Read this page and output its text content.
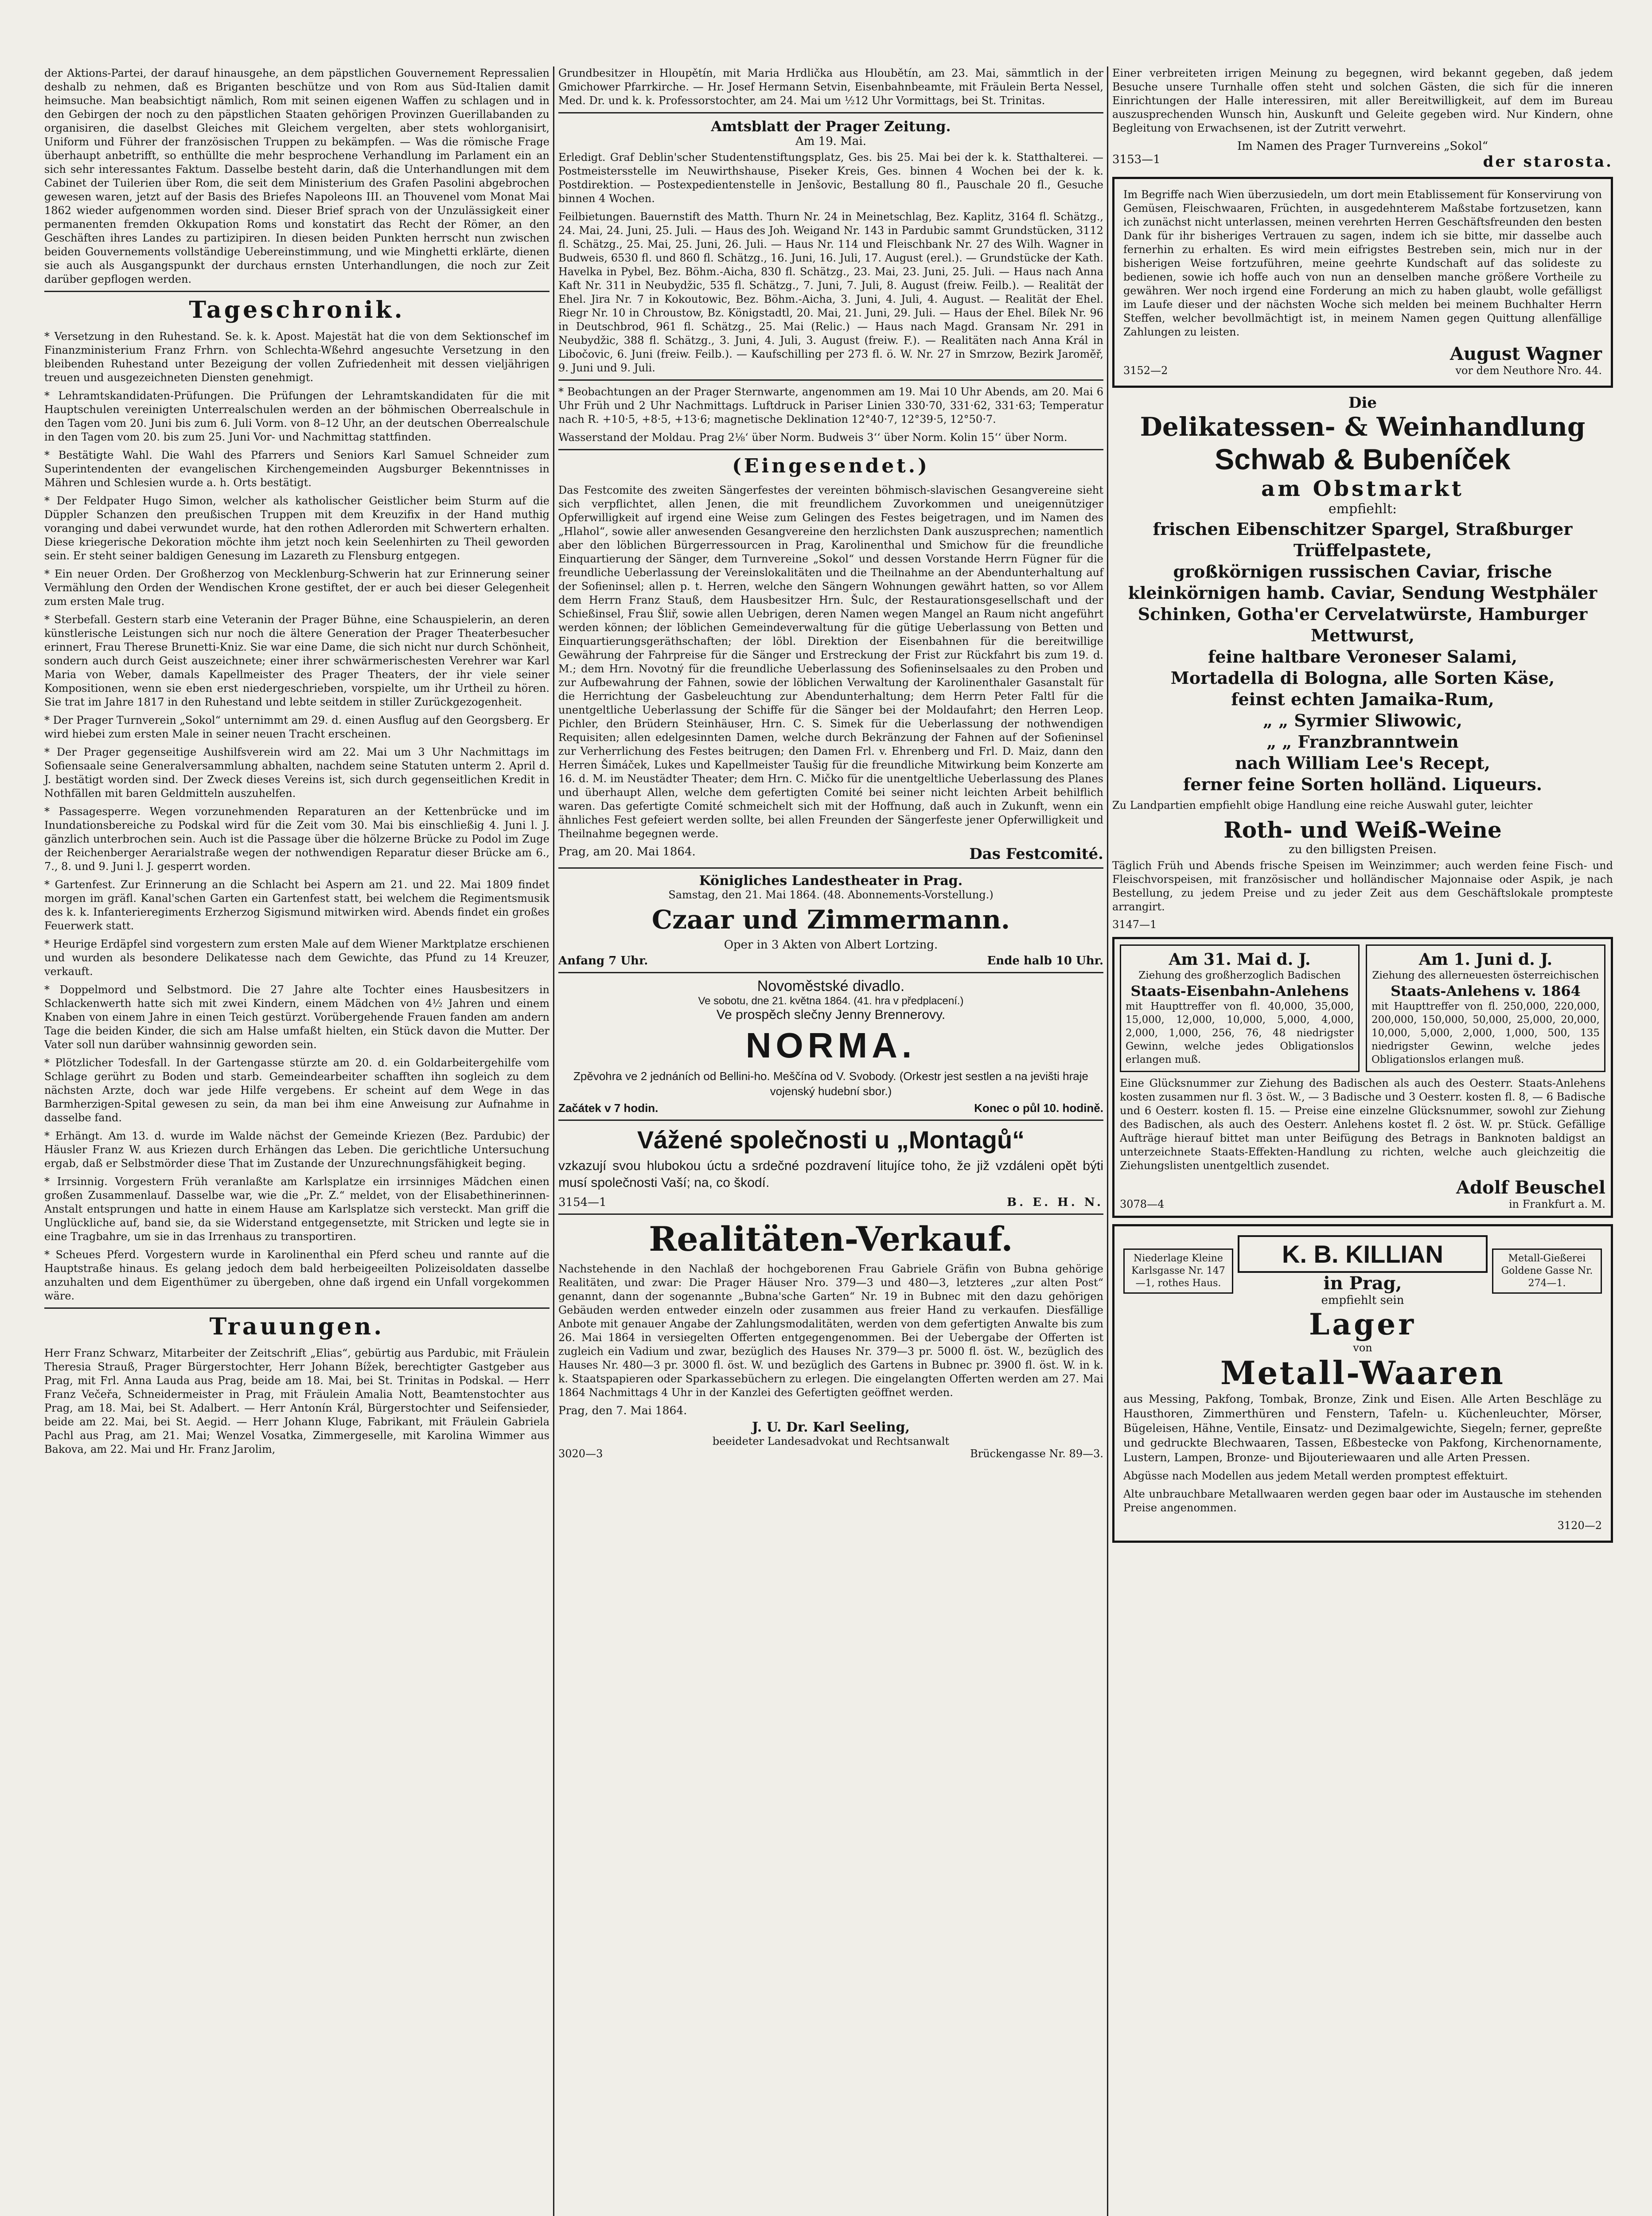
der Aktions-Partei, der darauf hinausgehe, an dem päpstlichen Gouvernement Repressalien deshalb zu nehmen, daß es Briganten beschütze und von Rom aus Süd-Italien damit heimsuche. Man beabsichtigt nämlich, Rom mit seinen eigenen Waffen zu schlagen und in den Gebirgen der noch zu den päpstlichen Staaten gehörigen Provinzen Guerillabanden zu organisiren, die daselbst Gleiches mit Gleichem vergelten, aber stets wohlorganisirt, Uniform und Führer der französischen Truppen zu bekämpfen. — Was die römische Frage überhaupt anbetrifft, so enthüllte die mehr besprochene Verhandlung im Parlament ein an sich sehr interessantes Faktum. Dasselbe besteht darin, daß die Unterhandlungen mit dem Cabinet der Tuilerien über Rom, die seit dem Ministerium des Grafen Pasolini abgebrochen gewesen waren, jetzt auf der Basis des Briefes Napoleons III. an Thouvenel vom Monat Mai 1862 wieder aufgenommen worden sind. Dieser Brief sprach von der Unzulässigkeit einer permanenten fremden Okkupation Roms und konstatirt das Recht der Römer, an den Geschäften ihres Landes zu partizipiren. In diesen beiden Punkten herrscht nun zwischen beiden Gouvernements vollständige Uebereinstimmung, und wie Minghetti erklärte, dienen sie auch als Ausgangspunkt der durchaus ernsten Unterhandlungen, die noch zur Zeit darüber gepflogen werden.

Tageschronik.

* Versetzung in den Ruhestand. Se. k. k. Apost. Majestät hat die von dem Sektionschef im Finanzministerium Franz Frhrn. von Schlechta-Wßehrd angesuchte Versetzung in den bleibenden Ruhestand unter Bezeigung der vollen Zufriedenheit mit dessen vieljährigen treuen und ausgezeichneten Diensten genehmigt.

* Lehramtskandidaten-Prüfungen. Die Prüfungen der Lehramtskandidaten für die mit Hauptschulen vereinigten Unterrealschulen werden an der böhmischen Oberrealschule in den Tagen vom 20. Juni bis zum 6. Juli Vorm. von 8–12 Uhr, an der deutschen Oberrealschule in den Tagen vom 20. bis zum 25. Juni Vor- und Nachmittag stattfinden.

* Bestätigte Wahl. Die Wahl des Pfarrers und Seniors Karl Samuel Schneider zum Superintendenten der evangelischen Kirchengemeinden Augsburger Bekenntnisses in Mähren und Schlesien wurde a. h. Orts bestätigt.

* Der Feldpater Hugo Simon, welcher als katholischer Geistlicher beim Sturm auf die Düppler Schanzen den preußischen Truppen mit dem Kreuzifix in der Hand muthig voranging und dabei verwundet wurde, hat den rothen Adlerorden mit Schwertern erhalten. Diese kriegerische Dekoration möchte ihm jetzt noch kein Seelenhirten zu Theil geworden sein. Er steht seiner baldigen Genesung im Lazareth zu Flensburg entgegen.

* Ein neuer Orden. Der Großherzog von Mecklenburg-Schwerin hat zur Erinnerung seiner Vermählung den Orden der Wendischen Krone gestiftet, der er auch bei dieser Gelegenheit zum ersten Male trug.

* Sterbefall. Gestern starb eine Veteranin der Prager Bühne, eine Schauspielerin, an deren künstlerische Leistungen sich nur noch die ältere Generation der Prager Theaterbesucher erinnert, Frau Therese Brunetti-Kniz. Sie war eine Dame, die sich nicht nur durch Schönheit, sondern auch durch Geist auszeichnete; einer ihrer schwärmerischesten Verehrer war Karl Maria von Weber, damals Kapellmeister des Prager Theaters, der ihr viele seiner Kompositionen, wenn sie eben erst niedergeschrieben, vorspielte, um ihr Urtheil zu hören. Sie trat im Jahre 1817 in den Ruhestand und lebte seitdem in stiller Zurückgezogenheit.

* Der Prager Turnverein „Sokol“ unternimmt am 29. d. einen Ausflug auf den Georgsberg. Er wird hiebei zum ersten Male in seiner neuen Tracht erscheinen.

* Der Prager gegenseitige Aushilfsverein wird am 22. Mai um 3 Uhr Nachmittags im Sofiensaale seine Generalversammlung abhalten, nachdem seine Statuten unterm 2. April d. J. bestätigt worden sind. Der Zweck dieses Vereins ist, sich durch gegenseitlichen Kredit in Nothfällen mit baren Geldmitteln auszuhelfen.

* Passagesperre. Wegen vorzunehmenden Reparaturen an der Kettenbrücke und im Inundationsbereiche zu Podskal wird für die Zeit vom 30. Mai bis einschließig 4. Juni l. J. gänzlich unterbrochen sein. Auch ist die Passage über die hölzerne Brücke zu Podol im Zuge der Reichenberger Aerarialstraße wegen der nothwendigen Reparatur dieser Brücke am 6., 7., 8. und 9. Juni l. J. gesperrt worden.

* Gartenfest. Zur Erinnerung an die Schlacht bei Aspern am 21. und 22. Mai 1809 findet morgen im gräfl. Kanal'schen Garten ein Gartenfest statt, bei welchem die Regimentsmusik des k. k. Infanterieregiments Erzherzog Sigismund mitwirken wird. Abends findet ein großes Feuerwerk statt.

* Heurige Erdäpfel sind vorgestern zum ersten Male auf dem Wiener Marktplatze erschienen und wurden als besondere Delikatesse nach dem Gewichte, das Pfund zu 14 Kreuzer, verkauft.

* Doppelmord und Selbstmord. Die 27 Jahre alte Tochter eines Hausbesitzers in Schlackenwerth hatte sich mit zwei Kindern, einem Mädchen von 4½ Jahren und einem Knaben von einem Jahre in einen Teich gestürzt. Vorübergehende Frauen fanden am andern Tage die beiden Kinder, die sich am Halse umfaßt hielten, ein Stück davon die Mutter. Der Vater soll nun darüber wahnsinnig geworden sein.

* Plötzlicher Todesfall. In der Gartengasse stürzte am 20. d. ein Goldarbeitergehilfe vom Schlage gerührt zu Boden und starb. Gemeindearbeiter schafften ihn sogleich zu dem nächsten Arzte, doch war jede Hilfe vergebens. Er scheint auf dem Wege in das Barmherzigen-Spital gewesen zu sein, da man bei ihm eine Anweisung zur Aufnahme in dasselbe fand.

* Erhängt. Am 13. d. wurde im Walde nächst der Gemeinde Kriezen (Bez. Pardubic) der Häusler Franz W. aus Kriezen durch Erhängen das Leben. Die gerichtliche Untersuchung ergab, daß er Selbstmörder diese That im Zustande der Unzurechnungsfähigkeit beging.

* Irrsinnig. Vorgestern Früh veranlaßte am Karlsplatze ein irrsinniges Mädchen einen großen Zusammenlauf. Dasselbe war, wie die „Pr. Z.“ meldet, von der Elisabethinerinnen-Anstalt entsprungen und hatte in einem Hause am Karlsplatze sich versteckt. Man griff die Unglückliche auf, band sie, da sie Widerstand entgegensetzte, mit Stricken und legte sie in eine Tragbahre, um sie in das Irrenhaus zu transportiren.

* Scheues Pferd. Vorgestern wurde in Karolinenthal ein Pferd scheu und rannte auf die Hauptstraße hinaus. Es gelang jedoch dem bald herbeigeeilten Polizeisoldaten dasselbe anzuhalten und dem Eigenthümer zu übergeben, ohne daß irgend ein Unfall vorgekommen wäre.

Trauungen.

Herr Franz Schwarz, Mitarbeiter der Zeitschrift „Elias“, gebürtig aus Pardubic, mit Fräulein Theresia Strauß, Prager Bürgerstochter, Herr Johann Bížek, berechtigter Gastgeber aus Prag, mit Frl. Anna Lauda aus Prag, beide am 18. Mai, bei St. Trinitas in Podskal. — Herr Franz Večeřa, Schneidermeister in Prag, mit Fräulein Amalia Nott, Beamtenstochter aus Prag, am 18. Mai, bei St. Adalbert. — Herr Antonín Král, Bürgerstochter und Seifensieder, beide am 22. Mai, bei St. Aegid. — Herr Johann Kluge, Fabrikant, mit Fräulein Gabriela Pachl aus Prag, am 21. Mai; Wenzel Vosatka, Zimmergeselle, mit Karolina Wimmer aus Bakova, am 22. Mai und Hr. Franz Jarolim,

Grundbesitzer in Hloupětín, mit Maria Hrdlička aus Hloubětín, am 23. Mai, sämmtlich in der Gmichower Pfarrkirche. — Hr. Josef Hermann Setvin, Eisenbahnbeamte, mit Fräulein Berta Nessel, Med. Dr. und k. k. Professorstochter, am 24. Mai um ½12 Uhr Vormittags, bei St. Trinitas.

Amtsblatt der Prager Zeitung.
Am 19. Mai.

Erledigt. Graf Deblin'scher Studentenstiftungsplatz, Ges. bis 25. Mai bei der k. k. Statthalterei. — Postmeistersstelle im Neuwirthshause, Piseker Kreis, Ges. binnen 4 Wochen bei der k. k. Postdirektion. — Postexpedientenstelle in Jenšovic, Bestallung 80 fl., Pauschale 20 fl., Gesuche binnen 4 Wochen.

Feilbietungen. Bauernstift des Matth. Thurn Nr. 24 in Meinetschlag, Bez. Kaplitz, 3164 fl. Schätzg., 24. Mai, 24. Juni, 25. Juli. — Haus des Joh. Weigand Nr. 143 in Pardubic sammt Grundstücken, 3112 fl. Schätzg., 25. Mai, 25. Juni, 26. Juli. — Haus Nr. 114 und Fleischbank Nr. 27 des Wilh. Wagner in Budweis, 6530 fl. und 860 fl. Schätzg., 16. Juni, 16. Juli, 17. August (erel.). — Grundstücke der Kath. Havelka in Pybel, Bez. Böhm.-Aicha, 830 fl. Schätzg., 23. Mai, 23. Juni, 25. Juli. — Haus nach Anna Kaft Nr. 311 in Neubydžic, 535 fl. Schätzg., 7. Juni, 7. Juli, 8. August (freiw. Feilb.). — Realität der Ehel. Jira Nr. 7 in Kokoutowic, Bez. Böhm.-Aicha, 3. Juni, 4. Juli, 4. August. — Realität der Ehel. Riegr Nr. 10 in Chroustow, Bz. Königstadtl, 20. Mai, 21. Juni, 29. Juli. — Haus der Ehel. Bílek Nr. 96 in Deutschbrod, 961 fl. Schätzg., 25. Mai (Relic.) — Haus nach Magd. Gransam Nr. 291 in Neubydžic, 388 fl. Schätzg., 3. Juni, 4. Juli, 3. August (freiw. F.). — Realitäten nach Anna Král in Libočovic, 6. Juni (freiw. Feilb.). — Kaufschilling per 273 fl. ö. W. Nr. 27 in Smrzow, Bezirk Jaroměř, 9. Juni und 9. Juli.

* Beobachtungen an der Prager Sternwarte, angenommen am 19. Mai 10 Uhr Abends, am 20. Mai 6 Uhr Früh und 2 Uhr Nachmittags. Luftdruck in Pariser Linien 330·70, 331·62, 331·63; Temperatur nach R. +10·5, +8·5, +13·6; magnetische Deklination 12°40·7, 12°39·5, 12°50·7.

Wasserstand der Moldau. Prag 2⅛‘ über Norm. Budweis 3‘‘ über Norm. Kolin 15‘‘ über Norm.

(Eingesendet.)

Das Festcomite des zweiten Sängerfestes der vereinten böhmisch-slavischen Gesangvereine sieht sich verpflichtet, allen Jenen, die mit freundlichem Zuvorkommen und uneigennütziger Opferwilligkeit auf irgend eine Weise zum Gelingen des Festes beigetragen, und im Namen des „Hlahol“, sowie aller anwesenden Gesangvereine den herzlichsten Dank auszusprechen; namentlich aber den löblichen Bürgerressourcen in Prag, Karolinenthal und Smichow für die freundliche Einquartierung der Sänger, dem Turnvereine „Sokol“ und dessen Vorstande Herrn Fügner für die freundliche Ueberlassung der Vereinslokalitäten und die Theilnahme an der Abendunterhaltung auf der Sofieninsel; allen p. t. Herren, welche den Sängern Wohnungen gewährt hatten, so vor Allem dem Herrn Franz Stauß, dem Hausbesitzer Hrn. Šulc, der Restaurationsgesellschaft und der Schießinsel, Frau Šliř, sowie allen Uebrigen, deren Namen wegen Mangel an Raum nicht angeführt werden können; der löblichen Gemeindeverwaltung für die gütige Ueberlassung von Betten und Einquartierungsgeräthschaften; der löbl. Direktion der Eisenbahnen für die bereitwillige Gewährung der Fahrpreise für die Sänger und Erstreckung der Frist zur Rückfahrt bis zum 19. d. M.; dem Hrn. Novotný für die freundliche Ueberlassung des Sofieninselsaales zu den Proben und zur Aufbewahrung der Fahnen, sowie der löblichen Verwaltung der Karolinenthaler Gasanstalt für die Herrichtung der Gasbeleuchtung zur Abendunterhaltung; dem Herrn Peter Faltl für die unentgeltliche Ueberlassung der Schiffe für die Sänger bei der Moldaufahrt; den Herren Leop. Pichler, den Brüdern Steinhäuser, Hrn. C. S. Simek für die Ueberlassung der nothwendigen Requisiten; allen edelgesinnten Damen, welche durch Bekränzung der Fahnen auf der Sofieninsel zur Verherrlichung des Festes beitrugen; den Damen Frl. v. Ehrenberg und Frl. D. Maiz, dann den Herren Šimáček, Lukes und Kapellmeister Taušig für die freundliche Mitwirkung beim Konzerte am 16. d. M. im Neustädter Theater; dem Hrn. C. Mičko für die unentgeltliche Ueberlassung des Planes und überhaupt Allen, welche dem gefertigten Comité bei seiner nicht leichten Arbeit behilflich waren. Das gefertigte Comité schmeichelt sich mit der Hoffnung, daß auch in Zukunft, wenn ein ähnliches Fest gefeiert werden sollte, bei allen Freunden der Sängerfeste jener Opferwilligkeit und Theilnahme begegnen werde.

Prag, am 20. Mai 1864.	Das Festcomité.
Königliches Landestheater in Prag.
Samstag, den 21. Mai 1864. (48. Abonnements-Vorstellung.)
Czaar und Zimmermann.
Oper in 3 Akten von Albert Lortzing.
Anfang 7 Uhr.	Ende halb 10 Uhr.
Novoměstské divadlo.
Ve sobotu, dne 21. května 1864. (41. hra v předplacení.)
Ve prospěch slečny Jenny Brennerovy.
NORMA.
Zpěvohra ve 2 jednáních od Bellini-ho. Meščína od V. Svobody. (Orkestr jest sestlen a na jevišti hraje vojenský hudební sbor.)
Začátek v 7 hodin.	Konec o půl 10. hodině.
Vážené společnosti u „Montagů“

vzkazují svou hlubokou úctu a srdečné pozdravení litujíce toho, že již vzdáleni opět býti musí společnosti Vaší; na, co škodí.

3154—1	B. E. H. N.
Realitäten-Verkauf.

Nachstehende in den Nachlaß der hochgeborenen Frau Gabriele Gräfin von Bubna gehörige Realitäten, und zwar: Die Prager Häuser Nro. 379—3 und 480—3, letzteres „zur alten Post“ genannt, dann der sogenannte „Bubna'sche Garten“ Nr. 19 in Bubnec mit den dazu gehörigen Gebäuden werden entweder einzeln oder zusammen aus freier Hand zu verkaufen. Diesfällige Anbote mit genauer Angabe der Zahlungsmodalitäten, werden von dem gefertigten Anwalte bis zum 26. Mai 1864 in versiegelten Offerten entgegengenommen. Bei der Uebergabe der Offerten ist zugleich ein Vadium und zwar, bezüglich des Hauses Nr. 379—3 pr. 5000 fl. öst. W., bezüglich des Hauses Nr. 480—3 pr. 3000 fl. öst. W. und bezüglich des Gartens in Bubnec pr. 3900 fl. öst. W. in k. k. Staatspapieren oder Sparkassebüchern zu erlegen. Die eingelangten Offerten werden am 27. Mai 1864 Nachmittags 4 Uhr in der Kanzlei des Gefertigten geöffnet werden.

Prag, den 7. Mai 1864.
J. U. Dr. Karl Seeling,
beeideter Landesadvokat und Rechtsanwalt
3020—3	Brückengasse Nr. 89—3.

Einer verbreiteten irrigen Meinung zu begegnen, wird bekannt gegeben, daß jedem Besuche unsere Turnhalle offen steht und solchen Gästen, die sich für die inneren Einrichtungen der Halle interessiren, mit aller Bereitwilligkeit, auf dem im Bureau auszusprechenden Wunsch hin, Auskunft und Geleite gegeben wird. Nur Kindern, ohne Begleitung von Erwachsenen, ist der Zutritt verwehrt.

Im Namen des Prager Turnvereins „Sokol“
3153—1	der starosta.

Im Begriffe nach Wien überzusiedeln, um dort mein Etablissement für Konservirung von Gemüsen, Fleischwaaren, Früchten, in ausgedehnterem Maßstabe fortzusetzen, kann ich zunächst nicht unterlassen, meinen verehrten Herren Geschäftsfreunden den besten Dank für ihr bisheriges Vertrauen zu sagen, indem ich sie bitte, mir dasselbe auch fernerhin zu erhalten. Es wird mein eifrigstes Bestreben sein, mich nur in der bisherigen Weise fortzuführen, meine geehrte Kundschaft auf das solideste zu bedienen, sowie ich hoffe auch von nun an denselben manche größere Vortheile zu gewähren. Wer noch irgend eine Forderung an mich zu haben glaubt, wolle gefälligst im Laufe dieser und der nächsten Woche sich melden bei meinem Buchhalter Herrn Steffen, welcher bevollmächtigt ist, in meinem Namen gegen Quittung allenfällige Zahlungen zu leisten.

August Wagner
3152—2	vor dem Neuthore Nro. 44.
Die
Delikatessen- & Weinhandlung
Schwab & Bubeníček
am Obstmarkt
empfiehlt:
frischen Eibenschitzer Spargel, Straßburger Trüffelpastete,
großkörnigen russischen Caviar, frische kleinkörnigen hamb. Caviar, Sendung Westphäler Schinken, Gotha'er Cervelatwürste, Hamburger Mettwurst,
feine haltbare Veroneser Salami,
Mortadella di Bologna, alle Sorten Käse,
feinst echten Jamaika-Rum,
„ „ Syrmier Sliwowic,
„ „ Franzbranntwein
nach William Lee's Recept,
ferner feine Sorten holländ. Liqueurs.

Zu Landpartien empfiehlt obige Handlung eine reiche Auswahl guter, leichter

Roth- und Weiß-Weine
zu den billigsten Preisen.

Täglich Früh und Abends frische Speisen im Weinzimmer; auch werden feine Fisch- und Fleischvorspeisen, mit französischer und holländischer Majonnaise oder Aspik, je nach Bestellung, zu jedem Preise und zu jeder Zeit aus dem Geschäftslokale prompteste arrangirt.

3147—1
Am 31. Mai d. J.
Ziehung des großherzoglich Badischen
Staats-Eisenbahn-Anlehens
mit Haupttreffer von fl. 40,000, 35,000, 15,000, 12,000, 10,000, 5,000, 4,000, 2,000, 1,000, 256, 76, 48 niedrigster Gewinn, welche jedes Obligationslos erlangen muß.
Am 1. Juni d. J.
Ziehung des allerneuesten österreichischen
Staats-Anlehens v. 1864
mit Haupttreffer von fl. 250,000, 220,000, 200,000, 150,000, 50,000, 25,000, 20,000, 10,000, 5,000, 2,000, 1,000, 500, 135 niedrigster Gewinn, welche jedes Obligationslos erlangen muß.

Eine Glücksnummer zur Ziehung des Badischen als auch des Oesterr. Staats-Anlehens kosten zusammen nur fl. 3 öst. W., — 3 Badische und 3 Oesterr. kosten fl. 8, — 6 Badische und 6 Oesterr. kosten fl. 15. — Preise eine einzelne Glücksnummer, sowohl zur Ziehung des Badischen, als auch des Oesterr. Anlehens kostet fl. 2 öst. W. pr. Stück. Gefällige Aufträge hierauf bittet man unter Beifügung des Betrags in Banknoten baldigst an unterzeichnete Staats-Effekten-Handlung zu richten, welche auch gleichzeitig die Ziehungslisten unentgeltlich zusendet.

Adolf Beuschel
3078—4	in Frankfurt a. M.
Niederlage Kleine Karlsgasse Nr. 147—1, rothes Haus.
K. B. KILLIAN
in Prag,
empfiehlt sein
Metall-Gießerei Goldene Gasse Nr. 274—1.
Lager
von
Metall-Waaren

aus Messing, Pakfong, Tombak, Bronze, Zink und Eisen. Alle Arten Beschläge zu Hausthoren, Zimmerthüren und Fenstern, Tafeln- u. Küchenleuchter, Mörser, Bügeleisen, Hähne, Ventile, Einsatz- und Dezimalgewichte, Siegeln; ferner, gepreßte und gedruckte Blechwaaren, Tassen, Eßbestecke von Pakfong, Kirchenornamente, Lustern, Lampen, Bronze- und Bijouteriewaaren und alle Arten Pressen.

Abgüsse nach Modellen aus jedem Metall werden promptest effektuirt.

Alte unbrauchbare Metallwaaren werden gegen baar oder im Austausche im stehenden Preise angenommen.

3120—2
